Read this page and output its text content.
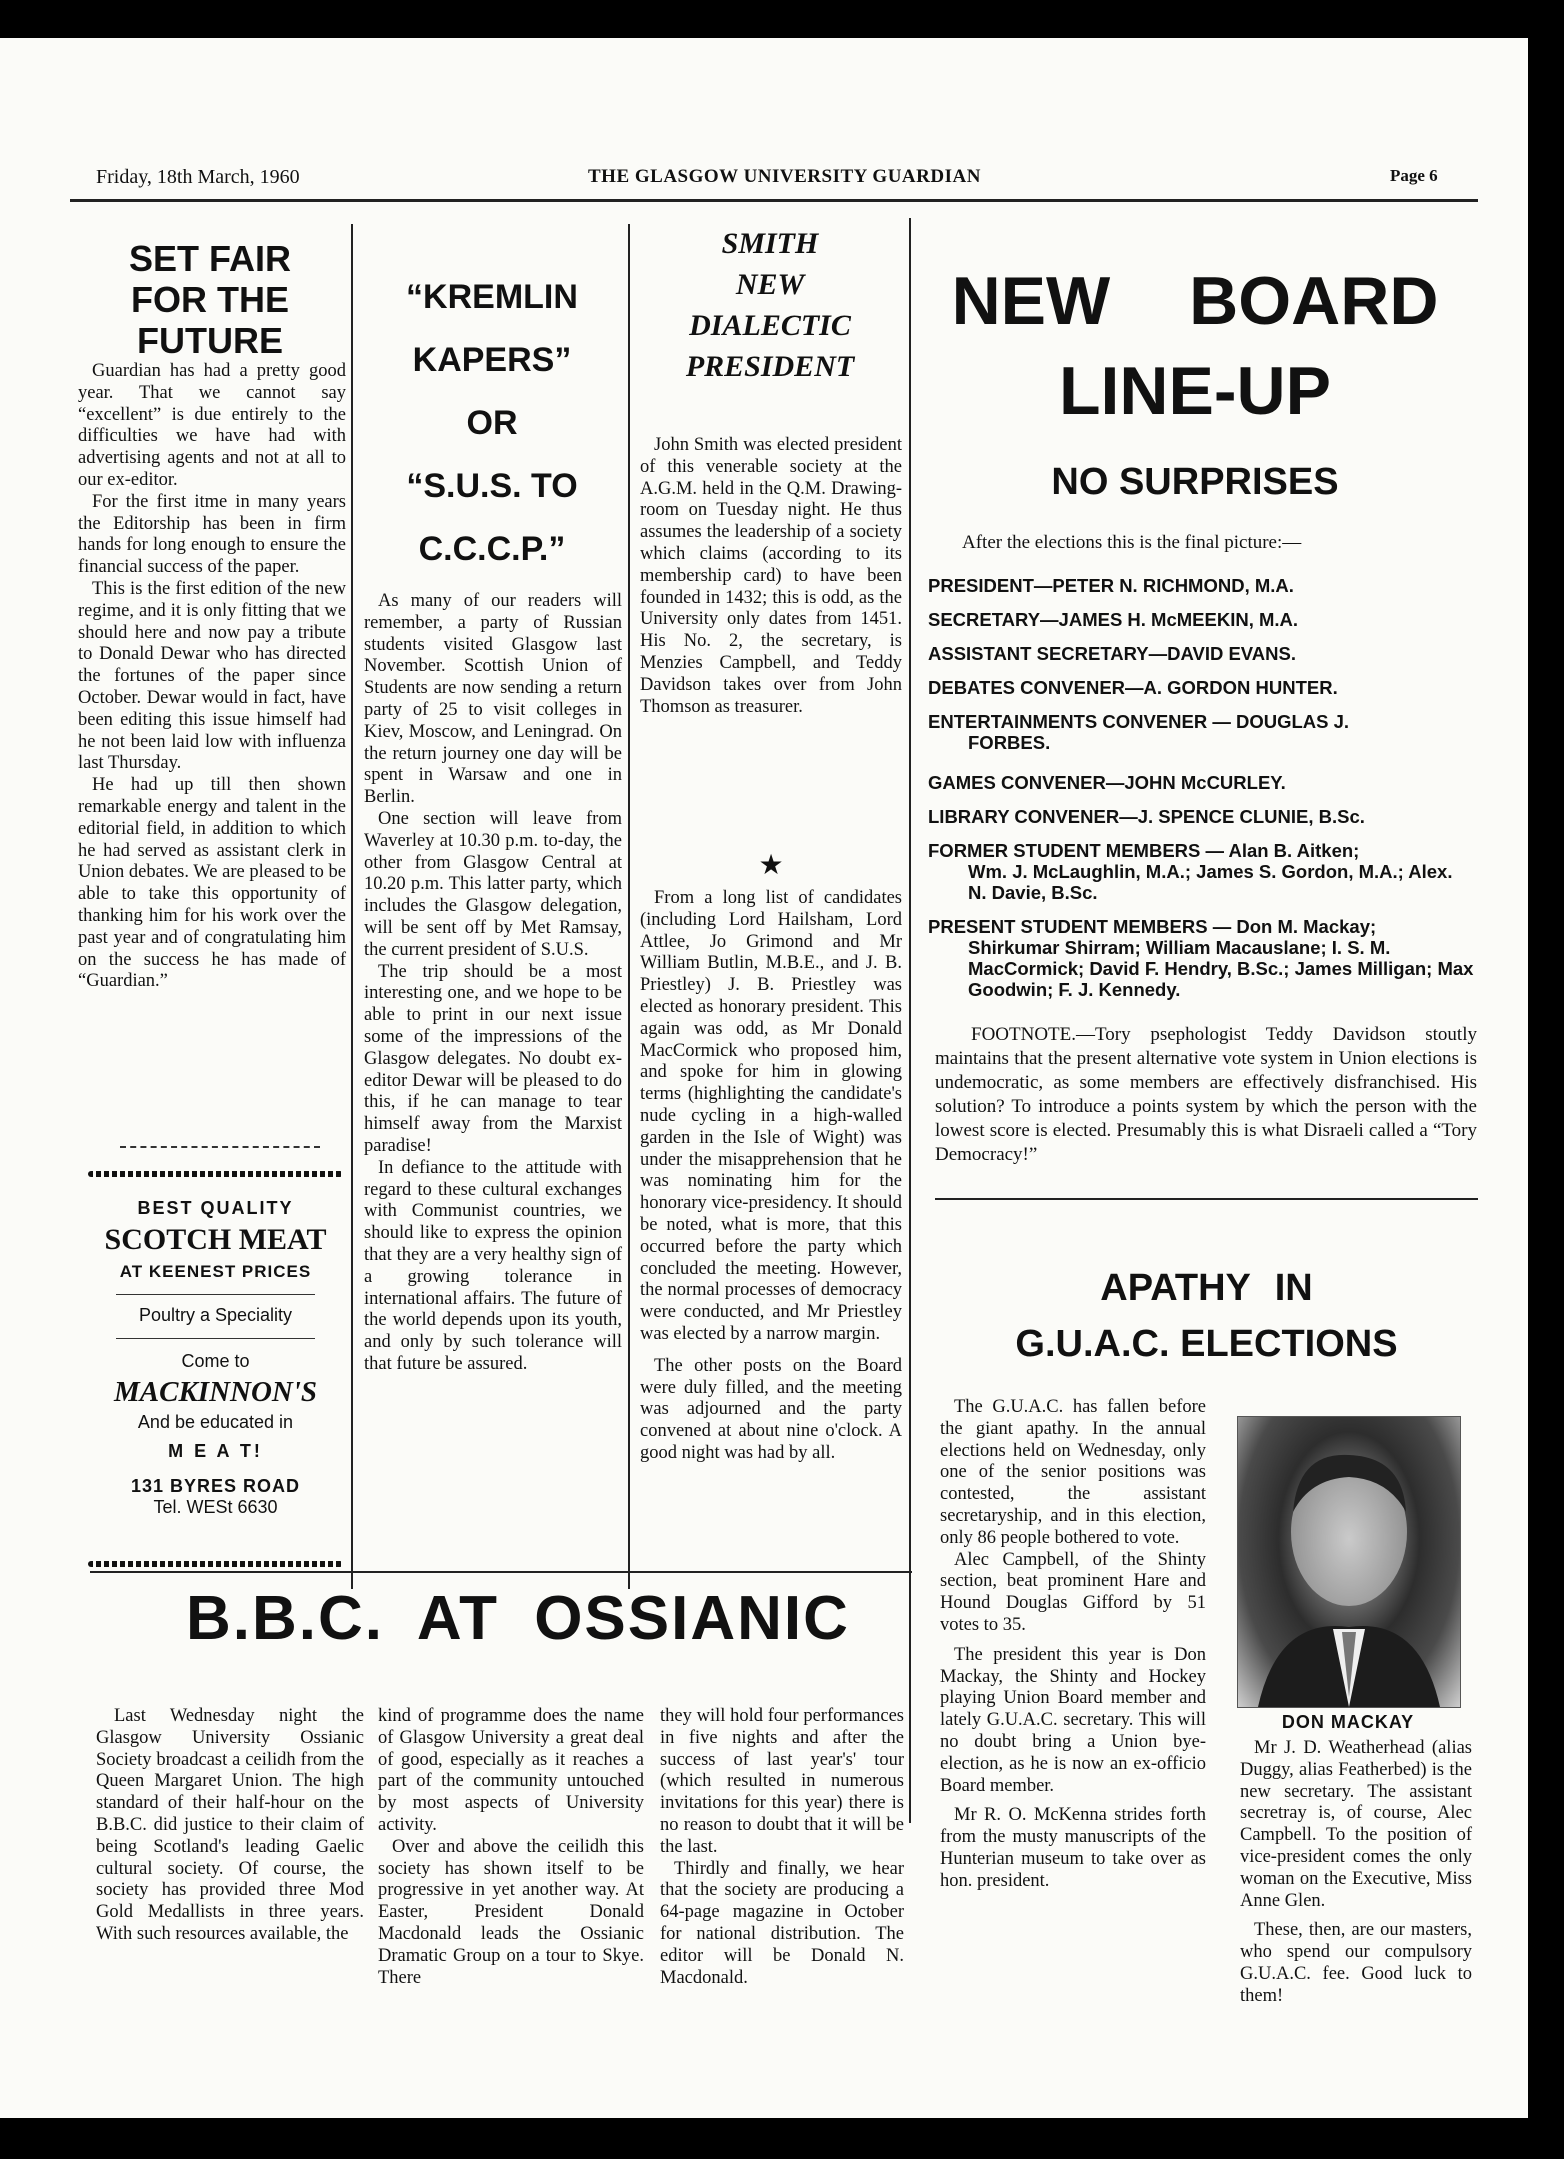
Friday, 18th March, 1960	THE GLASGOW UNIVERSITY GUARDIAN	Page 6
SET FAIR
FOR THE
FUTURE

Guardian has had a pretty good year. That we cannot say “excellent” is due entirely to the difficulties we have had with advertising agents and not at all to our ex-editor.

For the first itme in many years the Editorship has been in firm hands for long enough to ensure the financial success of the paper.

This is the first edition of the new regime, and it is only fitting that we should here and now pay a tribute to Donald Dewar who has directed the fortunes of the paper since October. Dewar would in fact, have been editing this issue himself had he not been laid low with influenza last Thursday.

He had up till then shown remarkable energy and talent in the editorial field, in addition to which he had served as assistant clerk in Union debates. We are pleased to be able to take this opportunity of thanking him for his work over the past year and of congratulating him on the success he has made of “Guardian.”

BEST QUALITY
SCOTCH MEAT
AT KEENEST PRICES
Poultry a Speciality
Come to
MACKINNON'S
And be educated in
M E A T!
131 BYRES ROAD
Tel. WESt 6630
“KREMLIN
KAPERS”
OR
“S.U.S. TO
C.C.C.P.”

As many of our readers will remember, a party of Russian students visited Glasgow last November. Scottish Union of Students are now sending a return party of 25 to visit colleges in Kiev, Moscow, and Leningrad. On the return journey one day will be spent in Warsaw and one in Berlin.

One section will leave from Waverley at 10.30 p.m. to-day, the other from Glasgow Central at 10.20 p.m. This latter party, which includes the Glasgow delegation, will be sent off by Met Ramsay, the current president of S.U.S.

The trip should be a most interesting one, and we hope to be able to print in our next issue some of the impressions of the Glasgow delegates. No doubt ex-editor Dewar will be pleased to do this, if he can manage to tear himself away from the Marxist paradise!

In defiance to the attitude with regard to these cultural exchanges with Communist countries, we should like to express the opinion that they are a very healthy sign of a growing tolerance in international affairs. The future of the world depends upon its youth, and only by such tolerance will that future be assured.

SMITH
NEW
DIALECTIC
PRESIDENT

John Smith was elected president of this venerable society at the A.G.M. held in the Q.M. Drawing-room on Tuesday night. He thus assumes the leadership of a society which claims (according to its membership card) to have been founded in 1432; this is odd, as the University only dates from 1451. His No. 2, the secretary, is Menzies Campbell, and Teddy Davidson takes over from John Thomson as treasurer.

★

From a long list of candidates (including Lord Hailsham, Lord Attlee, Jo Grimond and Mr William Butlin, M.B.E., and J. B. Priestley) J. B. Priestley was elected as honorary president. This again was odd, as Mr Donald MacCormick who proposed him, and spoke for him in glowing terms (highlighting the candidate's nude cycling in a high-walled garden in the Isle of Wight) was under the misapprehension that he was nominating him for the honorary vice-presidency. It should be noted, what is more, that this occurred before the party which concluded the meeting. However, the normal processes of democracy were conducted, and Mr Priestley was elected by a narrow margin.

The other posts on the Board were duly filled, and the meeting was adjourned and the party convened at about nine o'clock. A good night was had by all.

NEW BOARD
LINE-UP
NO SURPRISES
After the elections this is the final picture:—

PRESIDENT—PETER N. RICHMOND, M.A.

SECRETARY—JAMES H. McMEEKIN, M.A.

ASSISTANT SECRETARY—DAVID EVANS.

DEBATES CONVENER—A. GORDON HUNTER.

ENTERTAINMENTS CONVENER — DOUGLAS J.
FORBES.

GAMES CONVENER—JOHN McCURLEY.

LIBRARY CONVENER—J. SPENCE CLUNIE, B.Sc.

FORMER STUDENT MEMBERS — Alan B. Aitken;
Wm. J. McLaughlin, M.A.; James S. Gordon, M.A.; Alex. N. Davie, B.Sc.

PRESENT STUDENT MEMBERS — Don M. Mackay;
Shirkumar Shirram; William Macauslane; I. S. M. MacCormick; David F. Hendry, B.Sc.; James Milligan; Max Goodwin; F. J. Kennedy.

FOOTNOTE.—Tory psephologist Teddy Davidson stoutly maintains that the present alternative vote system in Union elections is undemocratic, as some members are effectively disfranchised. His solution? To introduce a points system by which the person with the lowest score is elected. Presumably this is what Disraeli called a “Tory Democracy!”

APATHY IN
G.U.A.C. ELECTIONS

The G.U.A.C. has fallen before the giant apathy. In the annual elections held on Wednesday, only one of the senior positions was contested, the assistant secretaryship, and in this election, only 86 people bothered to vote.

Alec Campbell, of the Shinty section, beat prominent Hare and Hound Douglas Gifford by 51 votes to 35.

The president this year is Don Mackay, the Shinty and Hockey playing Union Board member and lately G.U.A.C. secretary. This will no doubt bring a Union bye-election, as he is now an ex-officio Board member.

Mr R. O. McKenna strides forth from the musty manuscripts of the Hunterian museum to take over as hon. president.

DON MACKAY

Mr J. D. Weatherhead (alias Duggy, alias Featherbed) is the new secretary. The assistant secretray is, of course, Alec Campbell. To the position of vice-president comes the only woman on the Executive, Miss Anne Glen.

These, then, are our masters, who spend our compulsory G.U.A.C. fee. Good luck to them!

B.B.C. AT OSSIANIC

Last Wednesday night the Glasgow University Ossianic Society broadcast a ceilidh from the Queen Margaret Union. The high standard of their half-hour on the B.B.C. did justice to their claim of being Scotland's leading Gaelic cultural society. Of course, the society has provided three Mod Gold Medallists in three years. With such resources available, the

kind of programme does the name of Glasgow University a great deal of good, especially as it reaches a part of the community untouched by most aspects of University activity.

Over and above the ceilidh this society has shown itself to be progressive in yet another way. At Easter, President Donald Macdonald leads the Ossianic Dramatic Group on a tour to Skye. There

they will hold four performances in five nights and after the success of last year's' tour (which resulted in numerous invitations for this year) there is no reason to doubt that it will be the last.

Thirdly and finally, we hear that the society are producing a 64-page magazine in October for national distribution. The editor will be Donald N. Macdonald.
